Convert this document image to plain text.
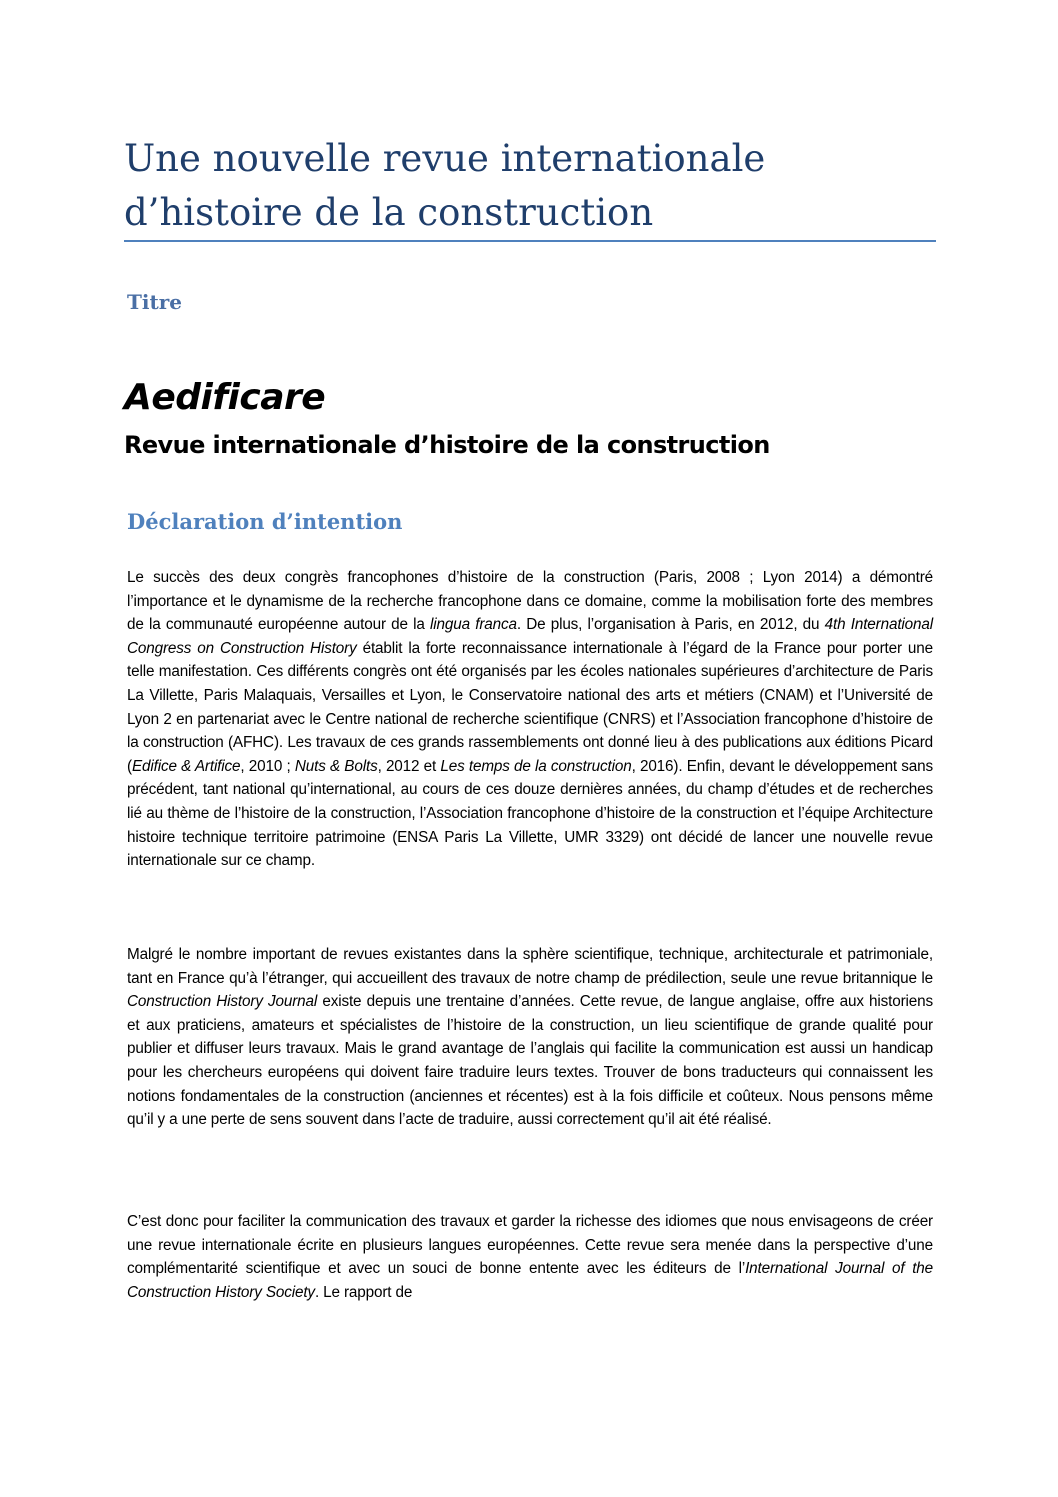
Une nouvelle revue internationale
d’histoire de la construction
Titre
Aedificare
Revue internationale d’histoire de la construction
Déclaration d’intention

Le succès des deux congrès francophones d’histoire de la construction (Paris, 2008 ; Lyon 2014) a démontré l’importance et le dynamisme de la recherche francophone dans ce domaine, comme la mobilisation forte des membres de la communauté européenne autour de la lingua franca. De plus, l’organisation à Paris, en 2012, du 4th International Congress on Construction History établit la forte reconnaissance internationale à l’égard de la France pour porter une telle manifestation. Ces différents congrès ont été organisés par les écoles nationales supérieures d’architecture de Paris La Villette, Paris Malaquais, Versailles et Lyon, le Conservatoire national des arts et métiers (CNAM) et l’Université de Lyon 2 en partenariat avec le Centre national de recherche scientifique (CNRS) et l’Association francophone d’histoire de la construction (AFHC). Les travaux de ces grands rassemblements ont donné lieu à des publications aux éditions Picard (Edifice & Artifice, 2010 ; Nuts & Bolts, 2012 et Les temps de la construction, 2016). Enfin, devant le développement sans précédent, tant national qu’international, au cours de ces douze dernières années, du champ d’études et de recherches lié au thème de l’histoire de la construction, l’Association francophone d’histoire de la construction et l’équipe Architecture histoire technique territoire patrimoine (ENSA Paris La Villette, UMR 3329) ont décidé de lancer une nouvelle revue internationale sur ce champ.

Malgré le nombre important de revues existantes dans la sphère scientifique, technique, architecturale et patrimoniale, tant en France qu’à l’étranger, qui accueillent des travaux de notre champ de prédilection, seule une revue britannique le Construction History Journal existe depuis une trentaine d’années. Cette revue, de langue anglaise, offre aux historiens et aux praticiens, amateurs et spécialistes de l’histoire de la construction, un lieu scientifique de grande qualité pour publier et diffuser leurs travaux. Mais le grand avantage de l’anglais qui facilite la communication est aussi un handicap pour les chercheurs européens qui doivent faire traduire leurs textes. Trouver de bons traducteurs qui connaissent les notions fondamentales de la construction (anciennes et récentes) est à la fois difficile et coûteux. Nous pensons même qu’il y a une perte de sens souvent dans l’acte de traduire, aussi correctement qu’il ait été réalisé.

C’est donc pour faciliter la communication des travaux et garder la richesse des idiomes que nous envisageons de créer une revue internationale écrite en plusieurs langues européennes. Cette revue sera menée dans la perspective d’une complémentarité scientifique et avec un souci de bonne entente avec les éditeurs de l’International Journal of the Construction History Society. Le rapport de
